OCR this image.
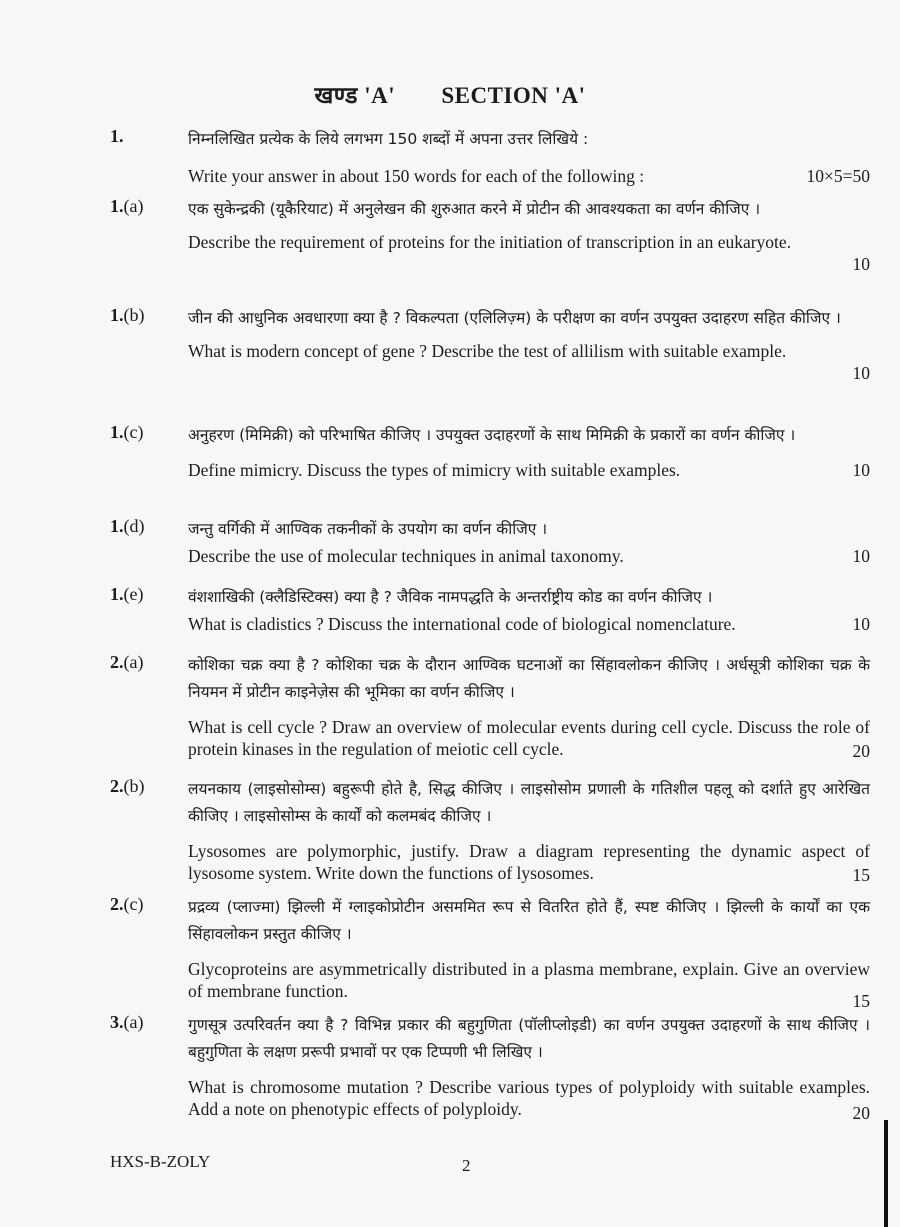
खण्ड 'A' SECTION 'A'
1.	निम्नलिखित प्रत्येक के लिये लगभग 150 शब्दों में अपना उत्तर लिखिये :
Write your answer in about 150 words for each of the following :	10×5=50
1.(a)	एक सुकेन्द्रकी (यूकैरियाट) में अनुलेखन की शुरुआत करने में प्रोटीन की आवश्यकता का वर्णन कीजिए ।
Describe the requirement of proteins for the initiation of transcription in an eukaryote.
10
1.(b)	जीन की आधुनिक अवधारणा क्या है ? विकल्पता (एलिलिज़्म) के परीक्षण का वर्णन उपयुक्त उदाहरण सहित कीजिए ।
What is modern concept of gene ? Describe the test of allilism with suitable example.
10
1.(c)	अनुहरण (मिमिक्री) को परिभाषित कीजिए । उपयुक्त उदाहरणों के साथ मिमिक्री के प्रकारों का वर्णन कीजिए ।
Define mimicry. Discuss the types of mimicry with suitable examples.	10
1.(d)	जन्तु वर्गिकी में आण्विक तकनीकों के उपयोग का वर्णन कीजिए ।
Describe the use of molecular techniques in animal taxonomy.	10
1.(e)	वंशशाखिकी (क्लैडिस्टिक्स) क्या है ? जैविक नामपद्धति के अन्तर्राष्ट्रीय कोड का वर्णन कीजिए ।
What is cladistics ? Discuss the international code of biological nomenclature.	10
2.(a)	कोशिका चक्र क्या है ? कोशिका चक्र के दौरान आण्विक घटनाओं का सिंहावलोकन कीजिए । अर्धसूत्री कोशिका चक्र के नियमन में प्रोटीन काइनेज़ेस की भूमिका का वर्णन कीजिए ।
What is cell cycle ? Draw an overview of molecular events during cell cycle. Discuss the role of protein kinases in the regulation of meiotic cell cycle.	20
2.(b)	लयनकाय (लाइसोसोम्स) बहुरूपी होते है, सिद्ध कीजिए । लाइसोसोम प्रणाली के गतिशील पहलू को दर्शाते हुए आरेखित कीजिए । लाइसोसोम्स के कार्यों को कलमबंद कीजिए ।
Lysosomes are polymorphic, justify. Draw a diagram representing the dynamic aspect of lysosome system. Write down the functions of lysosomes.	15
2.(c)	प्रद्रव्य (प्लाज्मा) झिल्ली में ग्लाइकोप्रोटीन असममित रूप से वितरित होते हैं, स्पष्ट कीजिए । झिल्ली के कार्यों का एक सिंहावलोकन प्रस्तुत कीजिए ।
Glycoproteins are asymmetrically distributed in a plasma membrane, explain. Give an overview of membrane function.	15
3.(a)	गुणसूत्र उत्परिवर्तन क्या है ? विभिन्न प्रकार की बहुगुणिता (पॉलीप्लोइडी) का वर्णन उपयुक्त उदाहरणों के साथ कीजिए । बहुगुणिता के लक्षण प्ररूपी प्रभावों पर एक टिप्पणी भी लिखिए ।
What is chromosome mutation ? Describe various types of polyploidy with suitable examples. Add a note on phenotypic effects of polyploidy.	20
HXS-B-ZOLY	2
